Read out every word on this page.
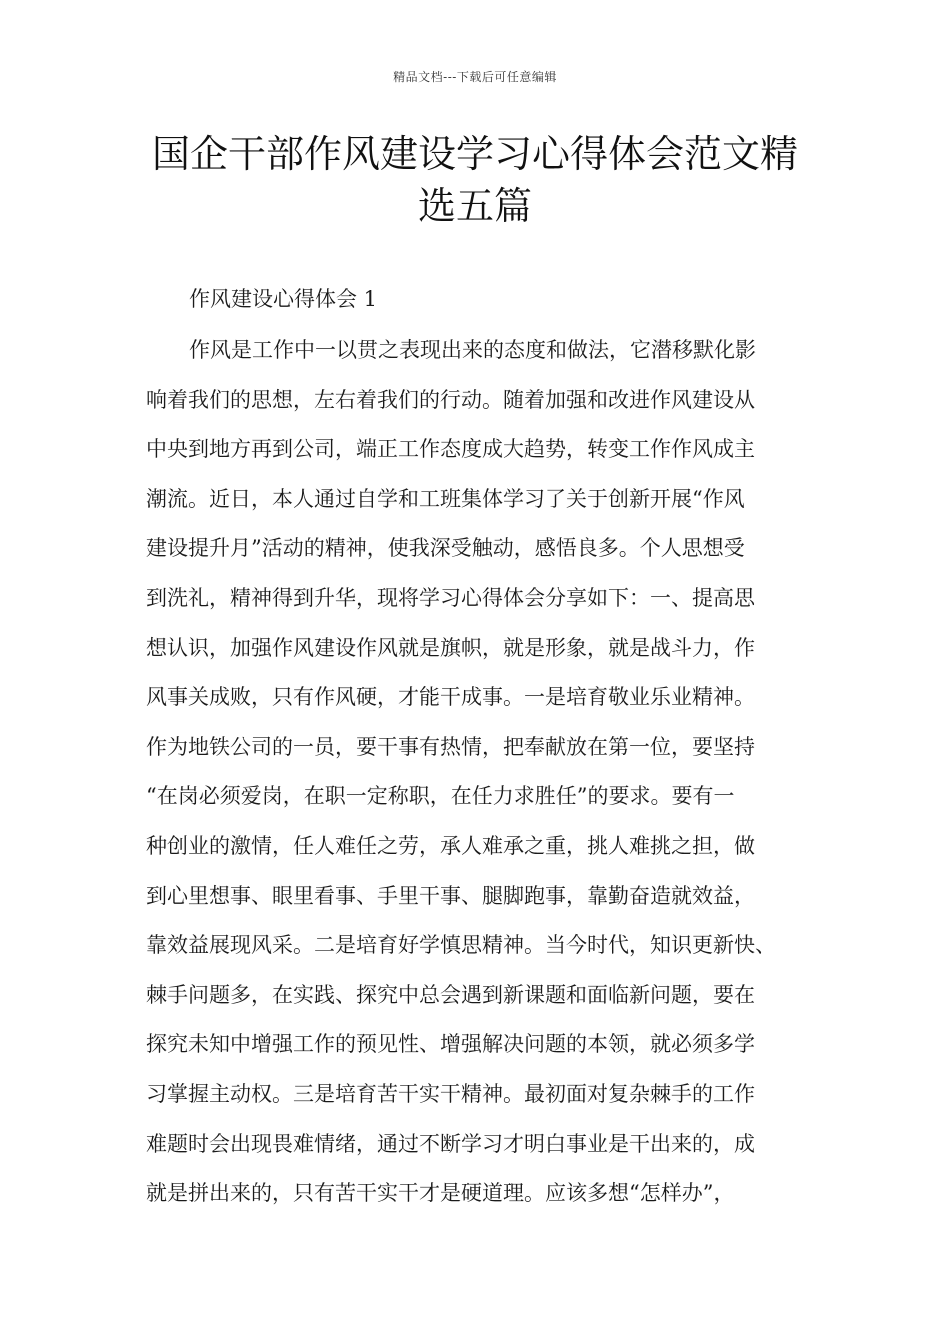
精品文档---下载后可任意编辑
国企干部作风建设学习心得体会范文精
选五篇

作风建设心得体会 1

作风是工作中一以贯之表现出来的态度和做法，它潜移默化影
响着我们的思想，左右着我们的行动。随着加强和改进作风建设从
中央到地方再到公司，端正工作态度成大趋势，转变工作作风成主
潮流。近日，本人通过自学和工班集体学习了关于创新开展“作风
建设提升月”活动的精神，使我深受触动，感悟良多。个人思想受
到洗礼，精神得到升华，现将学习心得体会分享如下：一、提高思
想认识，加强作风建设作风就是旗帜，就是形象，就是战斗力，作
风事关成败，只有作风硬，才能干成事。一是培育敬业乐业精神。
作为地铁公司的一员，要干事有热情，把奉献放在第一位，要坚持
“在岗必须爱岗，在职一定称职，在任力求胜任”的要求。要有一
种创业的激情，任人难任之劳，承人难承之重，挑人难挑之担，做
到心里想事、眼里看事、手里干事、腿脚跑事，靠勤奋造就效益，
靠效益展现风采。二是培育好学慎思精神。当今时代，知识更新快、
棘手问题多，在实践、探究中总会遇到新课题和面临新问题，要在
探究未知中增强工作的预见性、增强解决问题的本领，就必须多学
习掌握主动权。三是培育苦干实干精神。最初面对复杂棘手的工作
难题时会出现畏难情绪，通过不断学习才明白事业是干出来的，成
就是拼出来的，只有苦干实干才是硬道理。应该多想“怎样办”，
